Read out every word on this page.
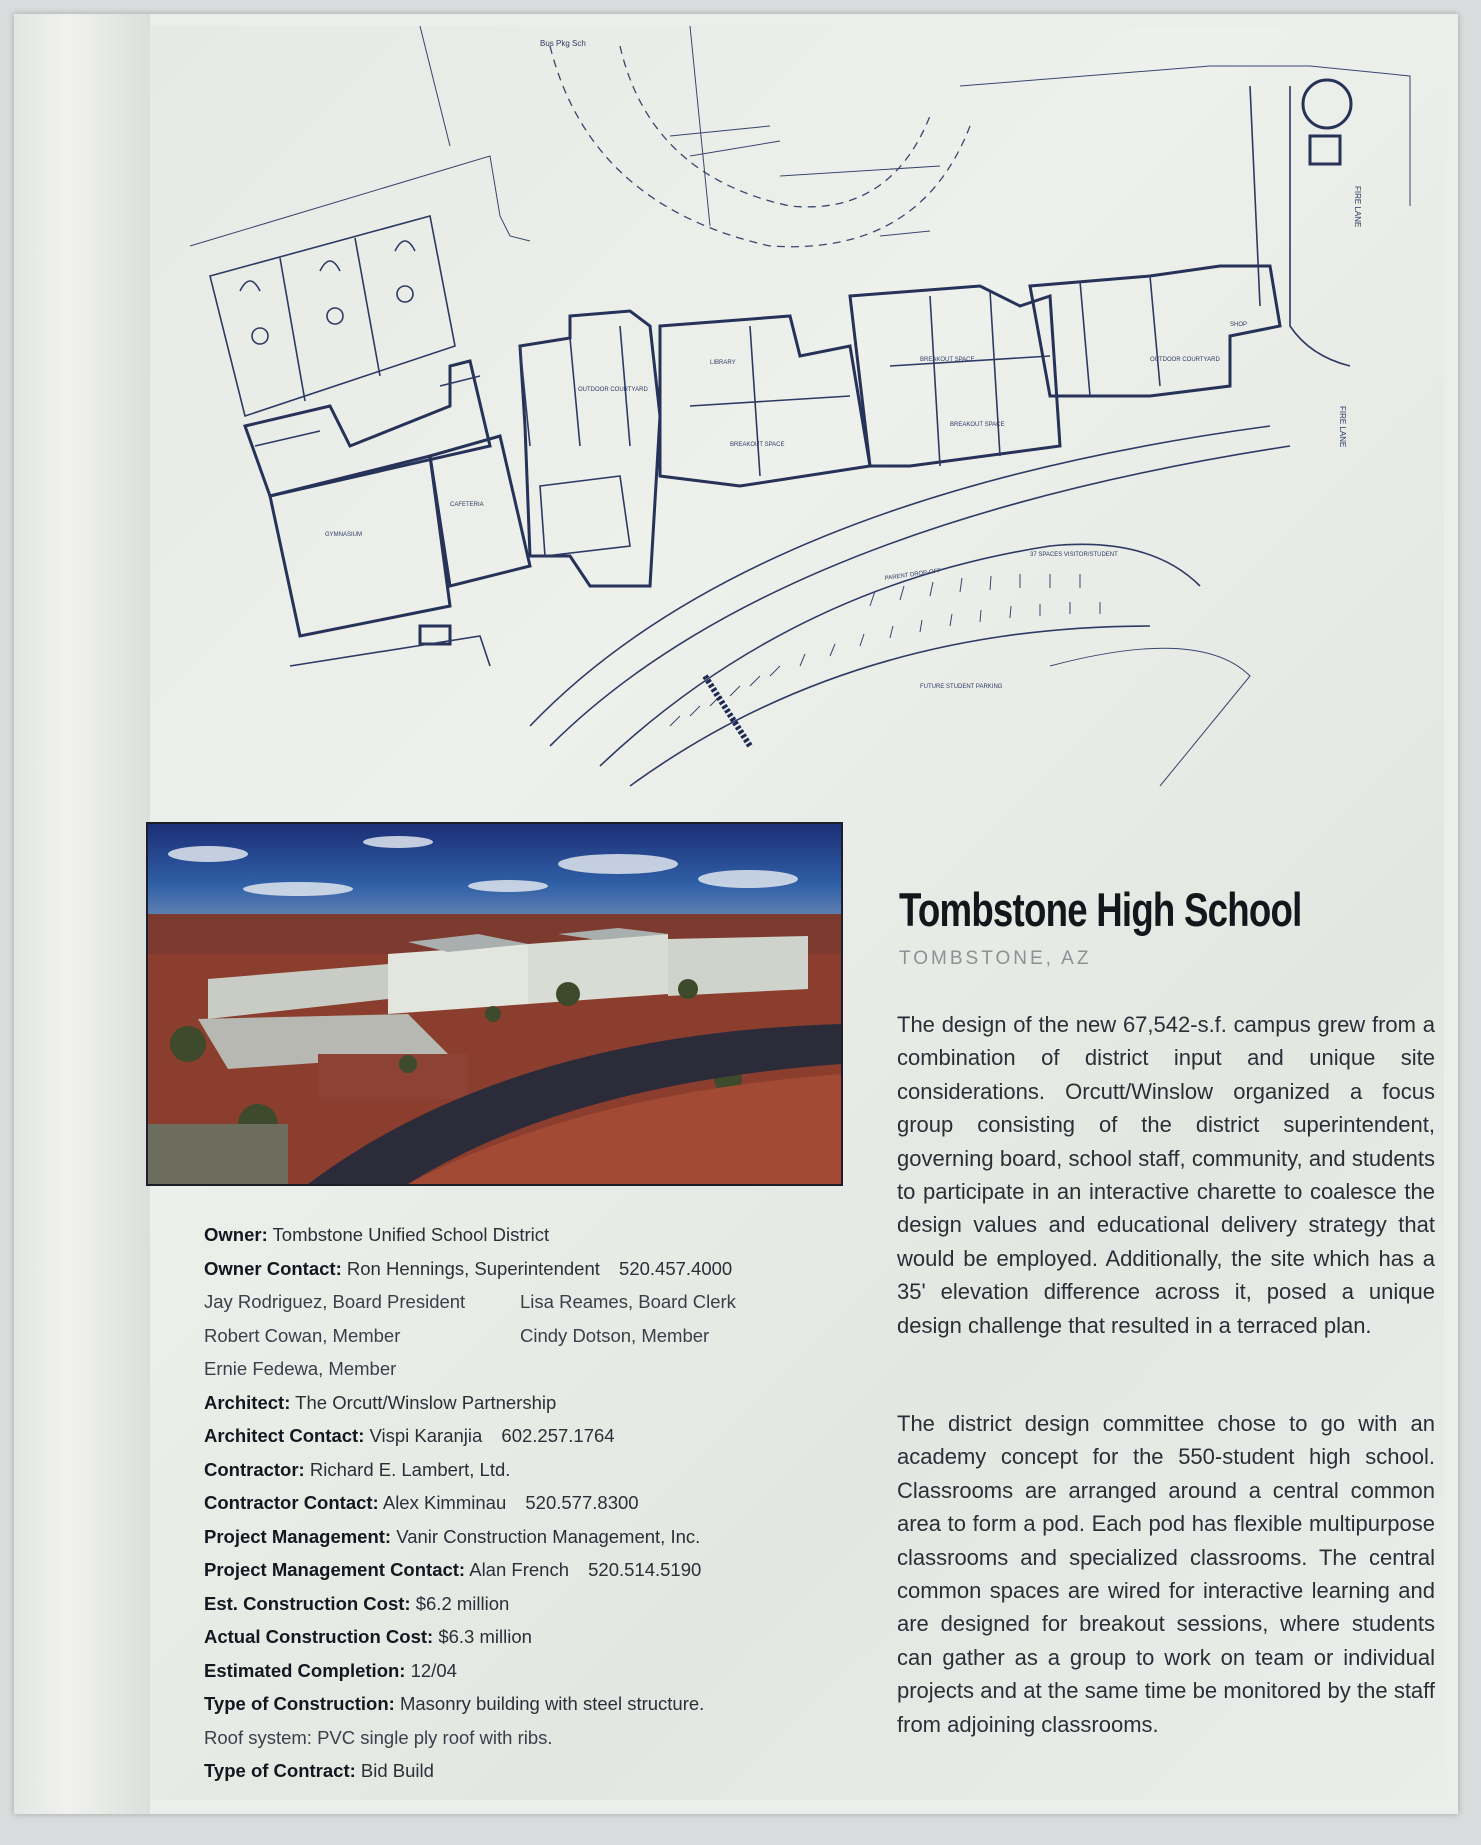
Bus Pkg Sch
GYMNASIUM
CAFETERIA
OUTDOOR COURTYARD
LIBRARY
BREAKOUT SPACE
BREAKOUT SPACE
BREAKOUT SPACE
OUTDOOR COURTYARD
SHOP
FIRE LANE
FIRE LANE
PARENT DROP-OFF
37 SPACES VISITOR/STUDENT
FUTURE STUDENT PARKING
Tombstone High School
TOMBSTONE, AZ
The design of the new 67,542-s.f. campus grew from a combination of district input and unique site considerations. Orcutt/Winslow organized a focus group consisting of the district superintendent, governing board, school staff, community, and students to participate in an interactive charette to coalesce the design values and educational delivery strategy that would be employed. Additionally, the site which has a 35' elevation difference across it, posed a unique design challenge that resulted in a terraced plan.
The district design committee chose to go with an academy concept for the 550-student high school. Classrooms are arranged around a central common area to form a pod. Each pod has flexible multipurpose classrooms and specialized classrooms. The central common spaces are wired for interactive learning and are designed for breakout sessions, where students can gather as a group to work on team or individual projects and at the same time be monitored by the staff from adjoining classrooms.
Owner: Tombstone Unified School District
Owner Contact: Ron Hennings, Superintendent 520.457.4000
Jay Rodriguez, Board President	Lisa Reames, Board Clerk
Robert Cowan, Member	Cindy Dotson, Member
Ernie Fedewa, Member
Architect: The Orcutt/Winslow Partnership
Architect Contact: Vispi Karanjia 602.257.1764
Contractor: Richard E. Lambert, Ltd.
Contractor Contact: Alex Kimminau 520.577.8300
Project Management: Vanir Construction Management, Inc.
Project Management Contact: Alan French 520.514.5190
Est. Construction Cost: $6.2 million
Actual Construction Cost: $6.3 million
Estimated Completion: 12/04
Type of Construction: Masonry building with steel structure.
Roof system: PVC single ply roof with ribs.
Type of Contract: Bid Build
